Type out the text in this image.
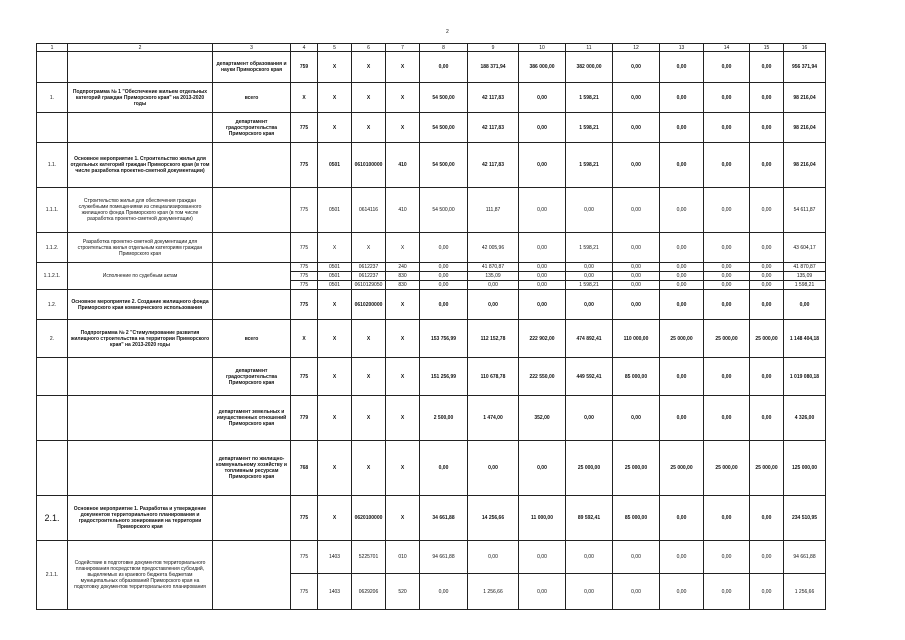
2
1	2	3	4	5	6	7	8	9	10	11	12	13	14	15	16
		департамент образования и науки Приморского края	759	X	X	X	0,00	188 371,94	386 000,00	382 000,00	0,00	0,00	0,00	0,00	956 371,94
1.	Подпрограмма № 1 "Обеспечение жильем отдельных категорий граждан Приморского края" на 2013-2020 годы	всего	X	X	X	X	54 500,00	42 117,83	0,00	1 598,21	0,00	0,00	0,00	0,00	98 216,04
		департамент градостроительства Приморского края	775	X	X	X	54 500,00	42 117,83	0,00	1 598,21	0,00	0,00	0,00	0,00	98 216,04
1.1.	Основное мероприятие 1. Строительство жилья для отдельных категорий граждан Приморского края (в том числе разработка проектно-сметной документации)		775	0501	0610100000	410	54 500,00	42 117,83	0,00	1 598,21	0,00	0,00	0,00	0,00	98 216,04
1.1.1.	Строительство жилья для обеспечения граждан служебными помещениями из специализированного жилищного фонда Приморского края (в том числе разработка проектно-сметной документации)		775	0501	0614116	410	54 500,00	111,87	0,00	0,00	0,00	0,00	0,00	0,00	54 611,87
1.1.2.	Разработка проектно-сметной документации для строительства жилья отдельным категориям граждан Приморского края		775	X	X	X	0,00	42 005,96	0,00	1 598,21	0,00	0,00	0,00	0,00	43 604,17
1.1.2.1.	Исполнение по судебным актам		775	0501	0612237	240	0,00	41 870,87	0,00	0,00	0,00	0,00	0,00	0,00	41 870,87
			775	0501	0612237	830	0,00	135,09	0,00	0,00	0,00	0,00	0,00	0,00	135,09
			775	0501	0610129050	830	0,00	0,00	0,00	1 598,21	0,00	0,00	0,00	0,00	1 598,21
1.2.	Основное мероприятие 2. Создание жилищного фонда Приморского края коммерческого использования		775	X	0610200000	X	0,00	0,00	0,00	0,00	0,00	0,00	0,00	0,00	0,00
2.	Подпрограмма № 2 "Стимулирование развития жилищного строительства на территории Приморского края" на 2013-2020 годы	всего	X	X	X	X	153 756,99	112 152,78	222 902,00	474 892,41	110 000,00	25 000,00	25 000,00	25 000,00	1 148 404,18
		департамент градостроительства Приморского края	775	X	X	X	151 256,99	110 678,78	222 550,00	449 592,41	85 000,00	0,00	0,00	0,00	1 019 080,18
		департамент земельных и имущественных отношений Приморского края	779	X	X	X	2 500,00	1 474,00	352,00	0,00	0,00	0,00	0,00	0,00	4 326,00
		департамент по жилищно-коммунальному хозяйству и топливным ресурсам Приморского края	768	X	X	X	0,00	0,00	0,00	25 000,00	25 000,00	25 000,00	25 000,00	25 000,00	125 000,00
2.1.	Основное мероприятие 1. Разработка и утверждение документов территориального планирования и градостроительного зонирования на территории Приморского края		775	X	0620100000	X	34 661,88	14 256,66	11 000,00	89 592,41	85 000,00	0,00	0,00	0,00	234 510,95
2.1.1.	Содействие в подготовке документов территориального планирования посредством предоставления субсидий, выделяемых из краевого бюджета бюджетам муниципальных образований Приморского края на подготовку документов территориального планирования		775	1403	5225701	010	94 661,88	0,00	0,00	0,00	0,00	0,00	0,00	0,00	94 661,88
			775	1403	0629206	520	0,00	1 256,66	0,00	0,00	0,00	0,00	0,00	0,00	1 256,66
